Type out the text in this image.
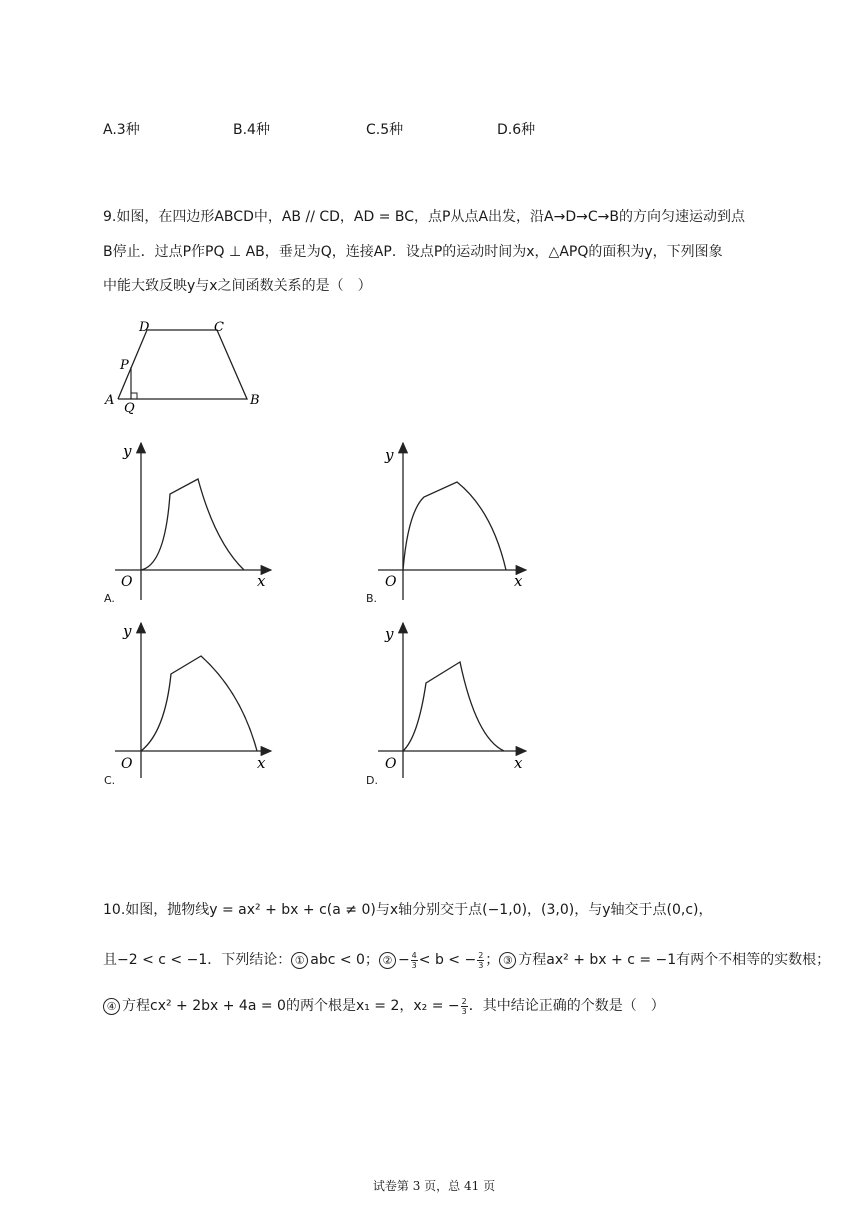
A.3种	B.4种	C.5种	D.6种
9.如图，在四边形ABCD中，AB // CD，AD = BC，点P从点A出发，沿A→D→C→B的方向匀速运动到点
B停止．过点P作PQ ⊥ AB，垂足为Q，连接AP．设点P的运动时间为x，△APQ的面积为y，下列图象
中能大致反映y与x之间函数关系的是（　）
D	C
P
A
Q
B
y
x
O
A.
y
x
O
B.
y
x
O
C.
y
x
O
D.
10.如图，抛物线y = ax² + bx + c(a ≠ 0)与x轴分别交于点(−1,0)，(3,0)，与y轴交于点(0,c)，
且−2 < c < −1．下列结论： ① abc < 0； ② − $\frac{4}{3} < b$ < − $\frac{2}{3}$ ； ③ 方程ax² + bx + c = −1有两个不相等的实数根；
④ 方程cx² + 2bx + 4a = 0的两个根是x₁ = 2，x₂ = − $\frac{2}{3}$ ．其中结论正确的个数是（　）
试卷第 3 页，总 41 页
